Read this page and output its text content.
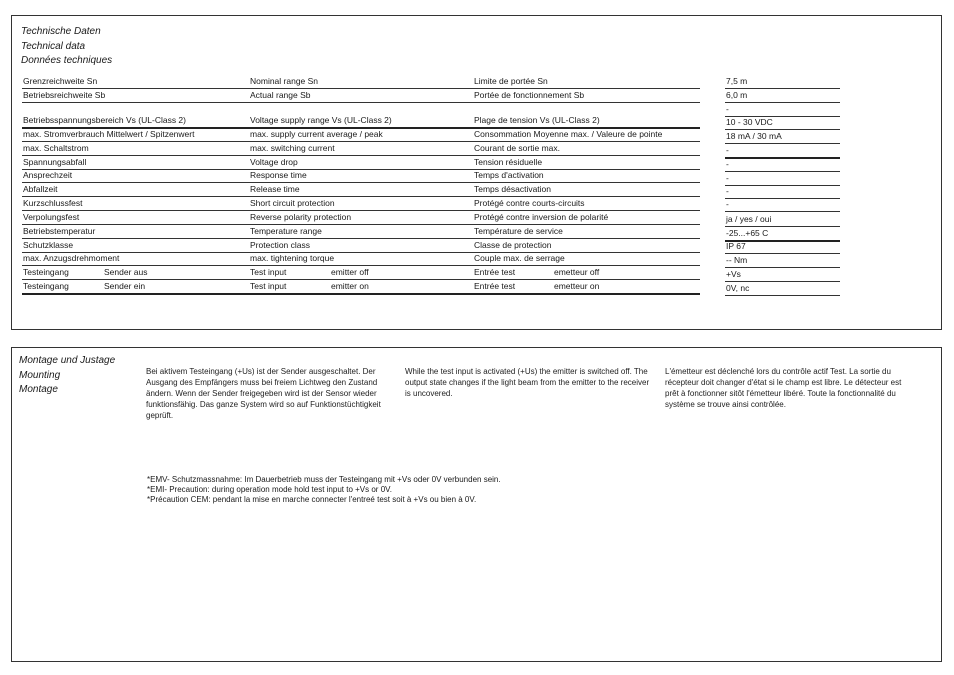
Technische Daten
Technical data
Données techniques
Grenzreichweite Sn	Nominal range Sn	Limite de portée Sn	7,5 m
Betriebsreichweite Sb	Actual range Sb	Portée de fonctionnement Sb	6,0 m
-
Betriebsspannungsbereich Vs (UL-Class 2)	Voltage supply range Vs (UL-Class 2)	Plage de tension Vs (UL-Class 2)	10 - 30 VDC
max. Stromverbrauch Mittelwert / Spitzenwert	max. supply current average / peak	Consommation Moyenne max. / Valeure de pointe	18 mA / 30 mA
max. Schaltstrom	max. switching current	Courant de sortie max.	-
Spannungsabfall	Voltage drop	Tension résiduelle	-
Ansprechzeit	Response time	Temps d'activation	-
Abfallzeit	Release time	Temps désactivation	-
Kurzschlussfest	Short circuit protection	Protégé contre courts-circuits	-
Verpolungsfest	Reverse polarity protection	Protégé contre inversion de polarité	ja / yes / oui
Betriebstemperatur	Temperature range	Température de service	-25...+65 C
Schutzklasse	Protection class	Classe de protection	IP 67
max. Anzugsdrehmoment	max. tightening torque	Couple max. de serrage	-- Nm
Testeingang	Sender aus	Test input	emitter off	Entrée test	emetteur off	+Vs
Testeingang	Sender ein	Test input	emitter on	Entrée test	emetteur on	0V, nc
Montage und Justage
Mounting
Montage
Bei aktivem Testeingang (+Us) ist der Sender ausgeschaltet. Der Ausgang des Empfängers muss bei freiem Lichtweg den Zustand ändern. Wenn der Sender freigegeben wird ist der Sensor wieder funktionsfähig. Das ganze System wird so auf Funktionstüchtigkeit geprüft.
While the test input is activated (+Us) the emitter is switched off. The output state changes if the light beam from the emitter to the receiver is uncovered.
L'émetteur est déclenché lors du contrôle actif Test. La sortie du récepteur doit changer d'état si le champ est libre. Le détecteur est prêt à fonctionner sitôt l'émetteur libéré. Toute la fonctionnalité du système se trouve ainsi contrôlée.
*EMV- Schutzmassnahme: Im Dauerbetrieb muss der Testeingang mit +Vs oder 0V verbunden sein.
*EMI- Precaution: during operation mode hold test input to +Vs or 0V.
*Précaution CEM: pendant la mise en marche connecter l'entreé test soit à +Vs ou bien à 0V.
